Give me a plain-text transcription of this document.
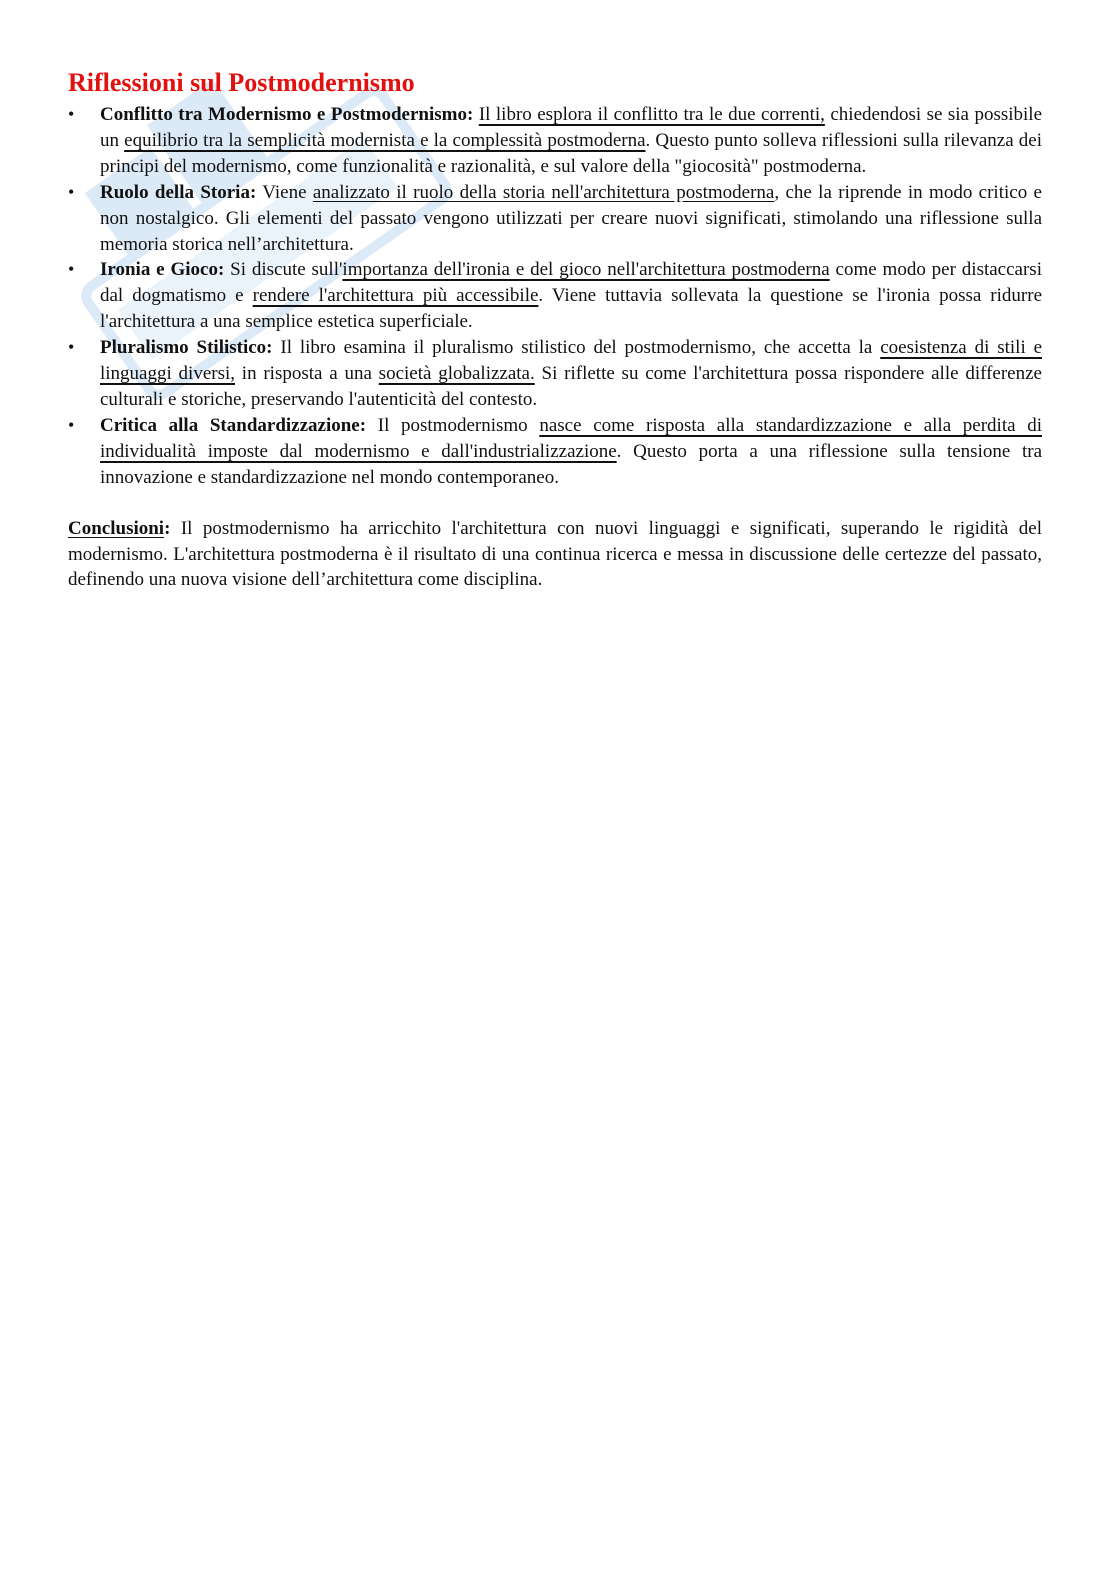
Riflessioni sul Postmodernismo
• Conflitto tra Modernismo e Postmodernismo: Il libro esplora il conflitto tra le due correnti, chiedendosi se sia possibile un equilibrio tra la semplicità modernista e la complessità postmoderna. Questo punto solleva riflessioni sulla rilevanza dei principi del modernismo, come funzionalità e razionalità, e sul valore della "giocosità" postmoderna.
• Ruolo della Storia: Viene analizzato il ruolo della storia nell'architettura postmoderna, che la riprende in modo critico e non nostalgico. Gli elementi del passato vengono utilizzati per creare nuovi significati, stimolando una riflessione sulla memoria storica nell’architettura.
• Ironia e Gioco: Si discute sull'importanza dell'ironia e del gioco nell'architettura postmoderna come modo per distaccarsi dal dogmatismo e rendere l'architettura più accessibile. Viene tuttavia sollevata la questione se l'ironia possa ridurre l'architettura a una semplice estetica superficiale.
• Pluralismo Stilistico: Il libro esamina il pluralismo stilistico del postmodernismo, che accetta la coesistenza di stili e linguaggi diversi, in risposta a una società globalizzata. Si riflette su come l'architettura possa rispondere alle differenze culturali e storiche, preservando l'autenticità del contesto.
• Critica alla Standardizzazione: Il postmodernismo nasce come risposta alla standardizzazione e alla perdita di individualità imposte dal modernismo e dall'industrializzazione. Questo porta a una riflessione sulla tensione tra innovazione e standardizzazione nel mondo contemporaneo.

Conclusioni: Il postmodernismo ha arricchito l'architettura con nuovi linguaggi e significati, superando le rigidità del modernismo. L'architettura postmoderna è il risultato di una continua ricerca e messa in discussione delle certezze del passato, definendo una nuova visione dell’architettura come disciplina.
